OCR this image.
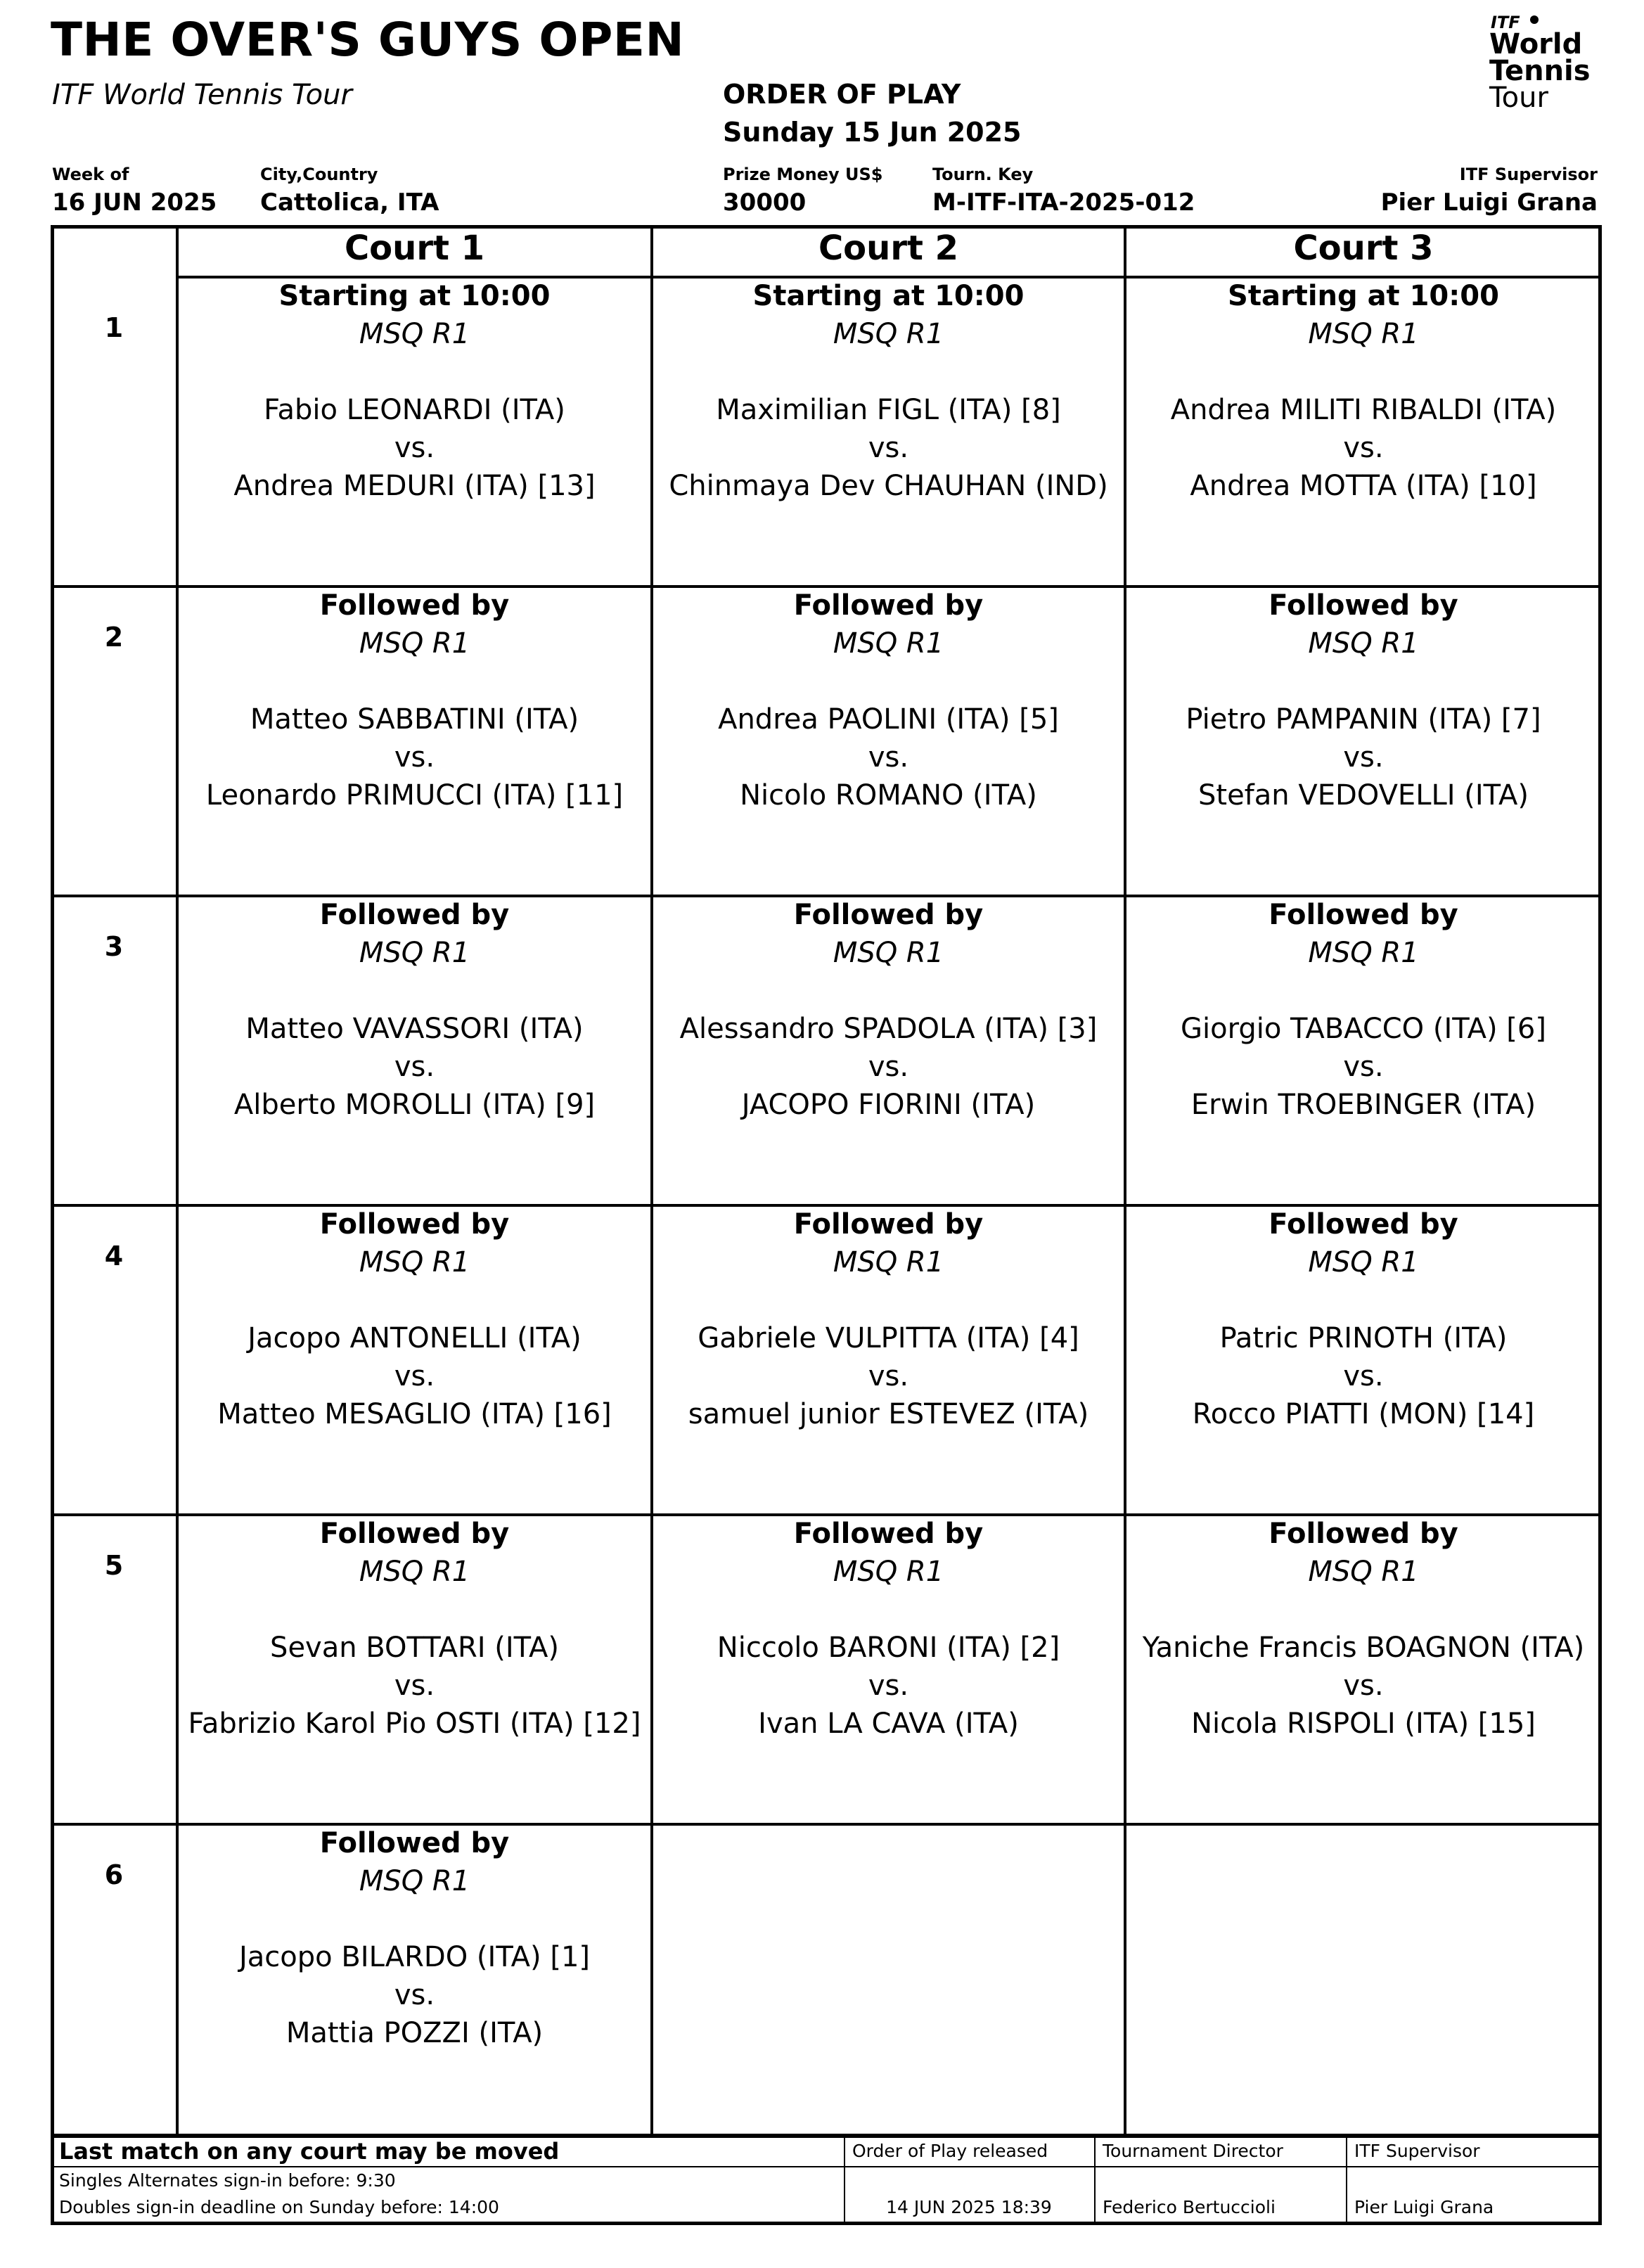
THE OVER'S GUYS OPEN
ITF World Tennis Tour	ORDER OF PLAY
Sunday 15 Jun 2025
ITF
World
Tennis
Tour
Week of
16 JUN 2025
City,Country
Cattolica, ITA
Prize Money US$
30000
Tourn. Key
M-ITF-ITA-2025-012
ITF Supervisor
Pier Luigi Grana
Court 1	Court 2	Court 3
1
Starting at 10:00
MSQ R1
Fabio LEONARDI (ITA)
vs.
Andrea MEDURI (ITA) [13]
Starting at 10:00
MSQ R1
Maximilian FIGL (ITA) [8]
vs.
Chinmaya Dev CHAUHAN (IND)
Starting at 10:00
MSQ R1
Andrea MILITI RIBALDI (ITA)
vs.
Andrea MOTTA (ITA) [10]
2
Followed by
MSQ R1
Matteo SABBATINI (ITA)
vs.
Leonardo PRIMUCCI (ITA) [11]
Followed by
MSQ R1
Andrea PAOLINI (ITA) [5]
vs.
Nicolo ROMANO (ITA)
Followed by
MSQ R1
Pietro PAMPANIN (ITA) [7]
vs.
Stefan VEDOVELLI (ITA)
3
Followed by
MSQ R1
Matteo VAVASSORI (ITA)
vs.
Alberto MOROLLI (ITA) [9]
Followed by
MSQ R1
Alessandro SPADOLA (ITA) [3]
vs.
JACOPO FIORINI (ITA)
Followed by
MSQ R1
Giorgio TABACCO (ITA) [6]
vs.
Erwin TROEBINGER (ITA)
4
Followed by
MSQ R1
Jacopo ANTONELLI (ITA)
vs.
Matteo MESAGLIO (ITA) [16]
Followed by
MSQ R1
Gabriele VULPITTA (ITA) [4]
vs.
samuel junior ESTEVEZ (ITA)
Followed by
MSQ R1
Patric PRINOTH (ITA)
vs.
Rocco PIATTI (MON) [14]
5
Followed by
MSQ R1
Sevan BOTTARI (ITA)
vs.
Fabrizio Karol Pio OSTI (ITA) [12]
Followed by
MSQ R1
Niccolo BARONI (ITA) [2]
vs.
Ivan LA CAVA (ITA)
Followed by
MSQ R1
Yaniche Francis BOAGNON (ITA)
vs.
Nicola RISPOLI (ITA) [15]
6
Followed by
MSQ R1
Jacopo BILARDO (ITA) [1]
vs.
Mattia POZZI (ITA)
Last match on any court may be moved
Singles Alternates sign-in before: 9:30
Doubles sign-in deadline on Sunday before: 14:00
Order of Play released
14 JUN 2025 18:39
Tournament Director
Federico Bertuccioli
ITF Supervisor
Pier Luigi Grana
